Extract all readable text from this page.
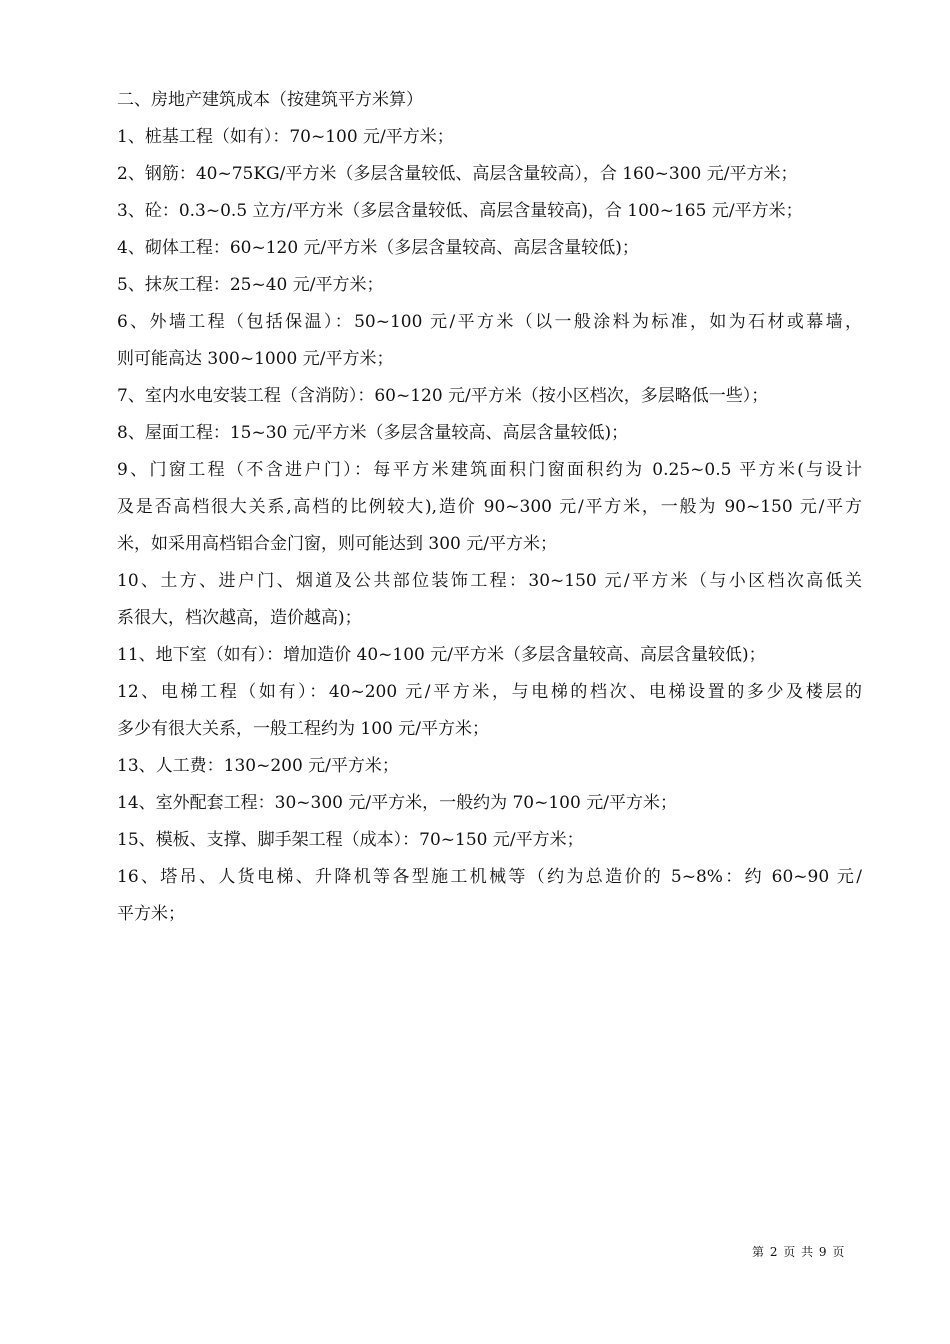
二、房地产建筑成本（按建筑平方米算）
1、桩基工程（如有）：70~100 元/平方米；
2、钢筋：40~75KG/平方米（多层含量较低、高层含量较高），合 160~300 元/平方米；
3、砼：0.3~0.5 立方/平方米（多层含量较低、高层含量较高)，合 100~165 元/平方米；
4、砌体工程：60~120 元/平方米（多层含量较高、高层含量较低)；
5、抹灰工程：25~40 元/平方米；
6、外墙工程（包括保温）：50~100 元/平方米（以一般涂料为标准，如为石材或幕墙，
则可能高达 300~1000 元/平方米；
7、室内水电安装工程（含消防）：60~120 元/平方米（按小区档次，多层略低一些）；
8、屋面工程：15~30 元/平方米（多层含量较高、高层含量较低)；
9、门窗工程（不含进户门）：每平方米建筑面积门窗面积约为 0.25~0.5 平方米(与设计
及是否高档很大关系,高档的比例较大),造价 90~300 元/平方米，一般为 90~150 元/平方
米，如采用高档铝合金门窗，则可能达到 300 元/平方米；
10、土方、进户门、烟道及公共部位装饰工程：30~150 元/平方米（与小区档次高低关
系很大，档次越高，造价越高)；
11、地下室（如有）：增加造价 40~100 元/平方米（多层含量较高、高层含量较低)；
12、电梯工程（如有）：40~200 元/平方米，与电梯的档次、电梯设置的多少及楼层的
多少有很大关系，一般工程约为 100 元/平方米；
13、人工费：130~200 元/平方米；
14、室外配套工程：30~300 元/平方米，一般约为 70~100 元/平方米；
15、模板、支撑、脚手架工程（成本）：70~150 元/平方米；
16、塔吊、人货电梯、升降机等各型施工机械等（约为总造价的 5~8%：约 60~90 元/
平方米；
第 2 页 共 9 页
